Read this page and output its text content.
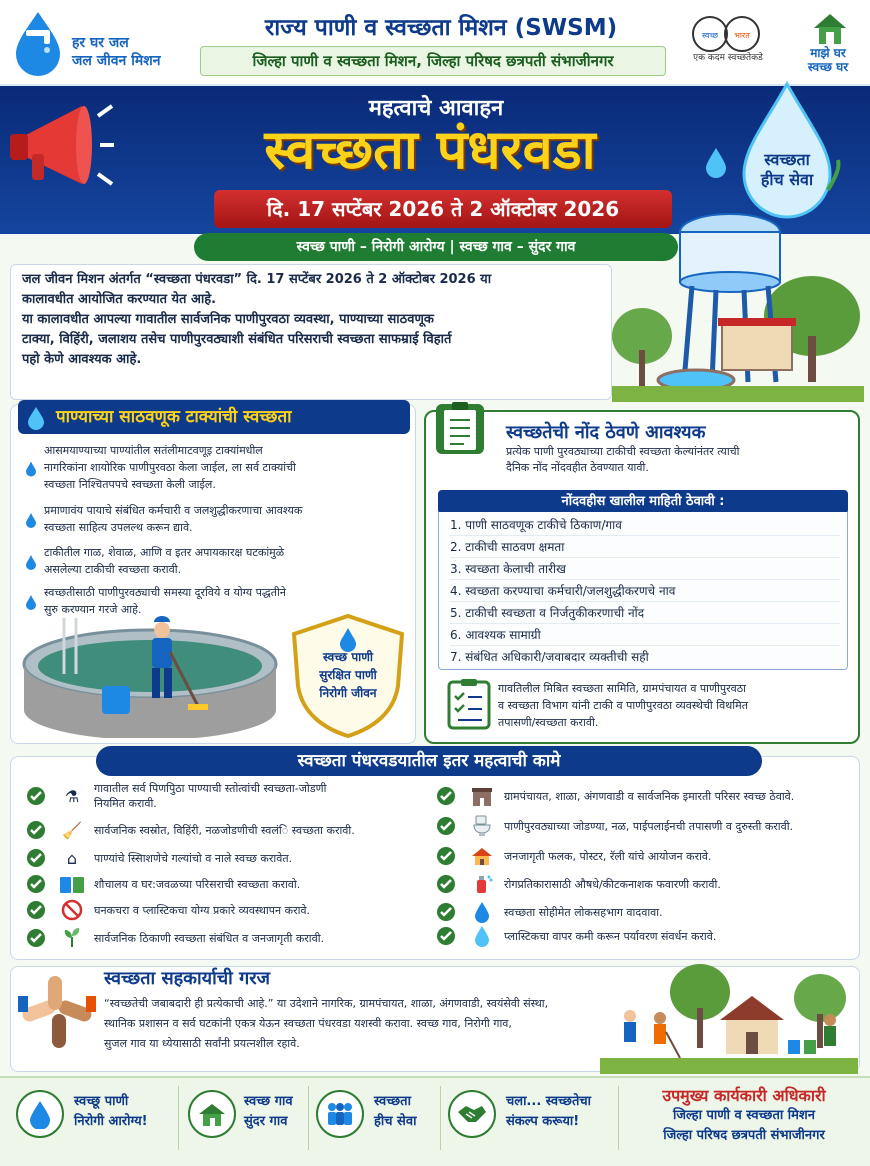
हर घर जल
जल जीवन मिशन
राज्य पाणी व स्वच्छता मिशन (SWSM)
जिल्हा पाणी व स्वच्छता मिशन, जिल्हा परिषद छत्रपती संभाजीनगर
स्वच्छ भारत
एक कदम स्वच्छतेकडे	माझे घर
स्वच्छ घर
महत्वाचे आवाहन
स्वच्छता पंधरवडा
दि. 17 सप्टेंबर 2026 ते 2 ऑक्टोबर 2026
स्वच्छता
हीच सेवा
स्वच्छ पाणी – निरोगी आरोग्य | स्वच्छ गाव – सुंदर गाव
जल जीवन मिशन अंतर्गत “स्वच्छता पंधरवडा” दि. 17 सप्टेंबर 2026 ते 2 ऑक्टोबर 2026 या
कालावधीत आयोजित करण्यात येत आहे.
या कालावधीत आपल्या गावातील सार्वजनिक पाणीपुरवठा व्यवस्था, पाण्याच्या साठवणूक
टाक्या, विहिंरी, जलाशय तसेच पाणीपुरवठ्याशी संबंधित परिसराची स्वच्छता साफम्राई विहार्त
पहो केणे आवश्यक आहे.
पाण्याच्या साठवणूक टाक्यांची स्वच्छता
आसमयाण्याच्या पाण्यांतील सतंलीमाटवणूइ टाक्यांमधील
नागरिकांना शायोरिक पाणीपुरवठा केला जाईल, ला सर्व टाक्यांची
स्वच्छता निश्चितपपचे स्वच्छता केली जाईल.
प्रमाणावंय पायाचे संबंधित कर्मचारी व जलशुद्धीकरणाचा आवश्यक
स्वच्छता साहित्य उपलल्थ करून द्यावे.
टाकीतील गाळ, शेवाळ, आणि व इतर अपायकारक्ष घटकांमुळे
असलेल्या टाकीची स्वच्छता करावी.
स्वच्छतीसाठी पाणीपुरवठ्याची समस्या दूरविये व योग्य पद्धतीने
सुरु करण्यान गरजे आहे.
स्वच्छ पाणी
सुरक्षित पाणी
निरोगी जीवन
स्वच्छतेची नोंद ठेवणे आवश्यक
प्रत्येक पाणी पुरवठ्याच्या टाकीची स्वच्छता केल्यांनंतर त्याची
दैनिक नोंद नोंदवहीत ठेवण्यात यावी.
नोंदवहीस खालील माहिती ठेवावी :
1. पाणी साठवणूक टाकीचे ठिकाण/गाव
2. टाकीची साठवण क्षमता
3. स्वच्छता केलाची तारीख
4. स्वच्छता करण्याचा कर्मचारी/जलशुद्धीकरणचे नाव
5. टाकीची स्वच्छता व निर्जतुकीकरणाची नोंद
6. आवश्यक सामाग्री
7. संबंधित अधिकारी/जवाबदार व्यक्तीची सही
गावतिलील मिबित स्वच्छता सामिति, ग्रामपंचायत व पाणीपुरवठा
व स्वच्छता विभाग यांनी टाकी व पाणीपुरवठा व्यवस्थेची विथमित
तपासणी/स्वच्छता करावी.
स्वच्छता पंधरवडयातील इतर महत्वाची कामे
⚗	गावातील सर्व पिणपुिठा पाण्याची स्तोत्वांची स्वच्छता-जोडणी
नियमित करावी.
🧹	सार्वजनिक स्वस्रोत, विहिंरी, नळजोडणीची स्वलंि स्वच्छता करावी.
⌂	पाण्यांचे स्सिाशणेचे गल्यांचो व नाले स्वच्छ करावेत.
शौचालय व घर:जवळच्या परिसराची स्वच्छता करावो.
घनकचरा व प्लास्टिकचा योग्य प्रकारे व्यवस्थापन करावे.
सार्वजनिक ठिकाणी स्वच्छता संबंधित व जनजागृती करावी.
ग्रामपंचायत, शाळा, अंगणवाडी व सार्वजनिक इमारती परिसर स्वच्छ ठेवावे.
पाणीपुरवठ्याच्या जोडण्या, नळ, पाईपलाईनची तपासणी व दुरुस्ती करावी.
जनजागृती फलक, पोस्टर, रॅली यांचे आयोजन करावे.
रोगप्रतिकारासाठी औषधे/कीटकनाशक फवारणी करावी.
स्वच्छता सोहीमेत लोकसहभाग वादवावा.
प्लास्टिकचा वापर कमी करून पर्यावरण संवर्धन करावे.
स्वच्छता सहकार्याची गरज
“स्वच्छतेची जबाबदारी ही प्रत्येकाची आहे.” या उदेशाने नागरिक, ग्रामपंचायत, शाळा, अंगणवाडी, स्वयंसेवी संस्था,
स्थानिक प्रशासन व सर्व घटकांनी एकत्र येऊन स्वच्छता पंधरवडा यशस्वी करावा. स्वच्छ गाव, निरोगी गाव,
सुजल गाव या ध्येयासाठी सर्वांनी प्रयत्नशील रहावे.
स्वच्छू पाणी
निरोगी आरोग्य!
स्वच्छ गाव
सुंदर गाव
स्वच्छता
हीच सेवा
चला... स्वच्छतेचा
संकल्प करूया!
उपमुख्य कार्यकारी अधिकारी
जिल्हा पाणी व स्वच्छता मिशन
जिल्हा परिषद छत्रपती संभाजीनगर
